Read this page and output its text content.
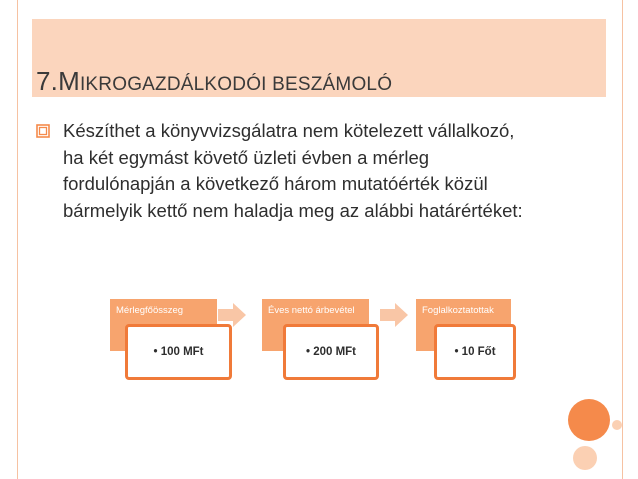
7.MIKROGAZDÁLKODÓI BESZÁMOLÓ
Készíthet a könyvvizsgálatra nem kötelezett vállalkozó, ha két egymást követő üzleti évben a mérleg fordulónapján a következő három mutatóérték közül bármelyik kettő nem haladja meg az alábbi határértéket:
Mérlegfőösszeg
• 100 MFt
Éves nettó árbevétel
• 200 MFt
Foglalkoztatottak
• 10 Főt
